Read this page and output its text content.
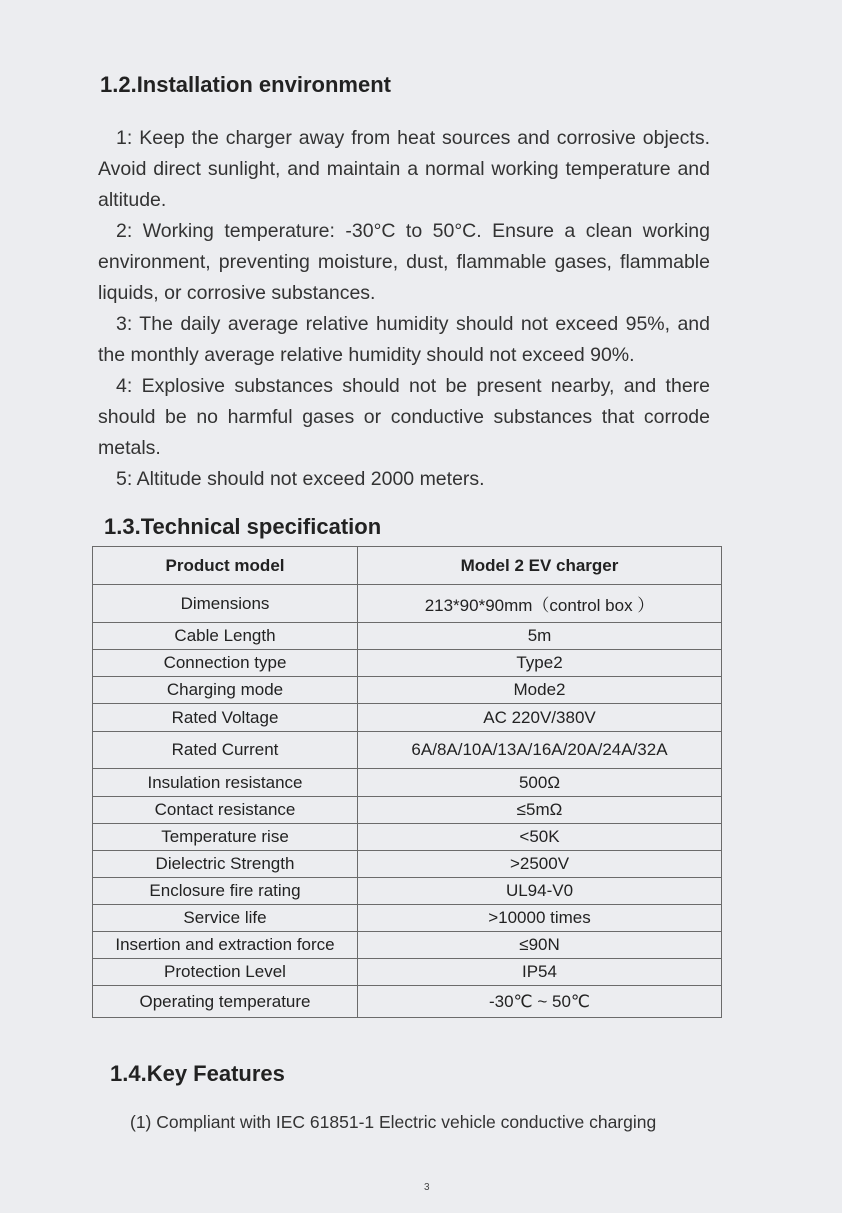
1.2.Installation environment

1: Keep the charger away from heat sources and corrosive objects. Avoid direct sunlight, and maintain a normal working temperature and altitude.

2: Working temperature: -30°C to 50°C. Ensure a clean working environment, preventing moisture, dust, flammable gases, flammable liquids, or corrosive substances.

3: The daily average relative humidity should not exceed 95%, and the monthly average relative humidity should not exceed 90%.

4: Explosive substances should not be present nearby, and there should be no harmful gases or conductive substances that corrode metals.

5: Altitude should not exceed 2000 meters.

1.3.Technical specification
Product model	Model 2 EV charger
Dimensions	213*90*90mm（control box ）
Cable Length	5m
Connection type	Type2
Charging mode	Mode2
Rated Voltage	AC 220V/380V
Rated Current	6A/8A/10A/13A/16A/20A/24A/32A
Insulation resistance	500Ω
Contact resistance	≤5mΩ
Temperature rise	<50K
Dielectric Strength	>2500V
Enclosure fire rating	UL94-V0
Service life	>10000 times
Insertion and extraction force	≤90N
Protection Level	IP54
Operating temperature	-30℃ ~ 50℃
1.4.Key Features
(1) Compliant with IEC 61851-1 Electric vehicle conductive charging
3
